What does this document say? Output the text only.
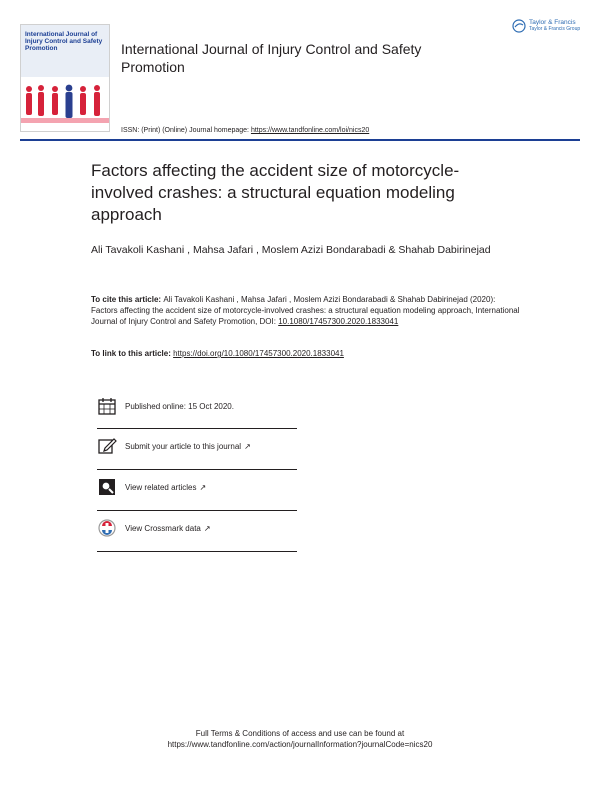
International Journal of Injury Control and Safety Promotion	International Journal of Injury Control and Safety Promotion
Taylor & Francis
Taylor & Francis Group
ISSN: (Print) (Online) Journal homepage: https://www.tandfonline.com/loi/nics20
Factors affecting the accident size of motorcycle-involved crashes: a structural equation modeling approach
Ali Tavakoli Kashani , Mahsa Jafari , Moslem Azizi Bondarabadi & Shahab Dabirinejad
To cite this article: Ali Tavakoli Kashani , Mahsa Jafari , Moslem Azizi Bondarabadi & Shahab Dabirinejad (2020): Factors affecting the accident size of motorcycle-involved crashes: a structural equation modeling approach, International Journal of Injury Control and Safety Promotion, DOI: 10.1080/17457300.2020.1833041
To link to this article: https://doi.org/10.1080/17457300.2020.1833041
Published online: 15 Oct 2020.
Submit your article to this journal ↗
View related articles ↗
View Crossmark data ↗
Full Terms & Conditions of access and use can be found at
https://www.tandfonline.com/action/journalInformation?journalCode=nics20
